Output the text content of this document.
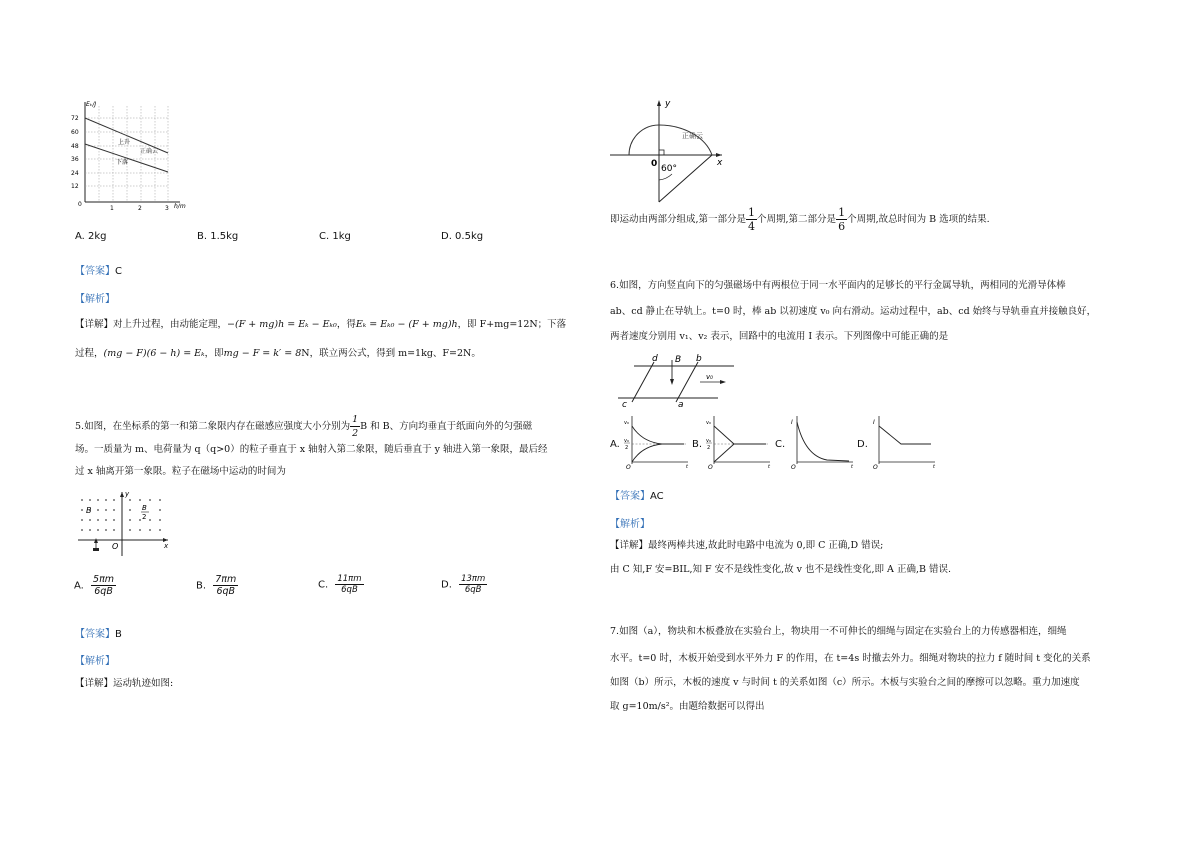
Eₖ/J
h/m
72
60
48
36
24
12
0
1	2	3
上升
下落
正确云
A. 2kg	B. 1.5kg	C. 1kg	D. 0.5kg
【答案】C
【解析】
【详解】对上升过程，由动能定理，−(F + mg)h = Eₖ − Eₖ₀，得Eₖ = Eₖ₀ − (F + mg)h，即 F+mg=12N；下落
过程，(mg − F)(6 − h) = Eₖ，即mg − F = k′ = 8N，联立两公式，得到 m=1kg、F=2N。
5.如图，在坐标系的第一和第二象限内存在磁感应强度大小分别为 $\frac{1}{2}$ B 和 B、方向均垂直于纸面向外的匀强磁
场。一质量为 m、电荷量为 q（q>0）的粒子垂直于 x 轴射入第二象限，随后垂直于 y 轴进入第一象限，最后经
过 x 轴离开第一象限。粒子在磁场中运动的时间为
B	B
2
y
x
O
A. $\frac{5\pi m}{6qB}$	B. $\frac{7\pi m}{6qB}$	C. $\frac{11\pi m}{6qB}$	D. $\frac{13\pi m}{6qB}$
【答案】B
【解析】
【详解】运动轨迹如图:
y
x
0 60°
正确云
即运动由两部分组成,第一部分是 $\frac{1}{4}$ 个周期,第二部分是 $\frac{1}{6}$ 个周期,故总时间为 B 选项的结果.
6.如图，方向竖直向下的匀强磁场中有两根位于同一水平面内的足够长的平行金属导轨，两相同的光滑导体棒
ab、cd 静止在导轨上。t=0 时，棒 ab 以初速度 v₀ 向右滑动。运动过程中，ab、cd 始终与导轨垂直并接触良好，
两者速度分别用 v₁、v₂ 表示，回路中的电流用 I 表示。下列图像中可能正确的是
d	b
c	a
B
v₀
A.
v₀
v₀
2
O	t
B.
v₀
v₀
2
O	t
C.
I
O	t
D.
I
O	t
【答案】AC
【解析】
【详解】最终两棒共速,故此时电路中电流为 0,即 C 正确,D 错误;
由 C 知,F 安=BIL,知 F 安不是线性变化,故 v 也不是线性变化,即 A 正确,B 错误.
7.如图（a），物块和木板叠放在实验台上，物块用一不可伸长的细绳与固定在实验台上的力传感器相连，细绳
水平。t=0 时，木板开始受到水平外力 F 的作用，在 t=4s 时撤去外力。细绳对物块的拉力 f 随时间 t 变化的关系
如图（b）所示，木板的速度 v 与时间 t 的关系如图（c）所示。木板与实验台之间的摩擦可以忽略。重力加速度
取 g=10m/s²。由题给数据可以得出
